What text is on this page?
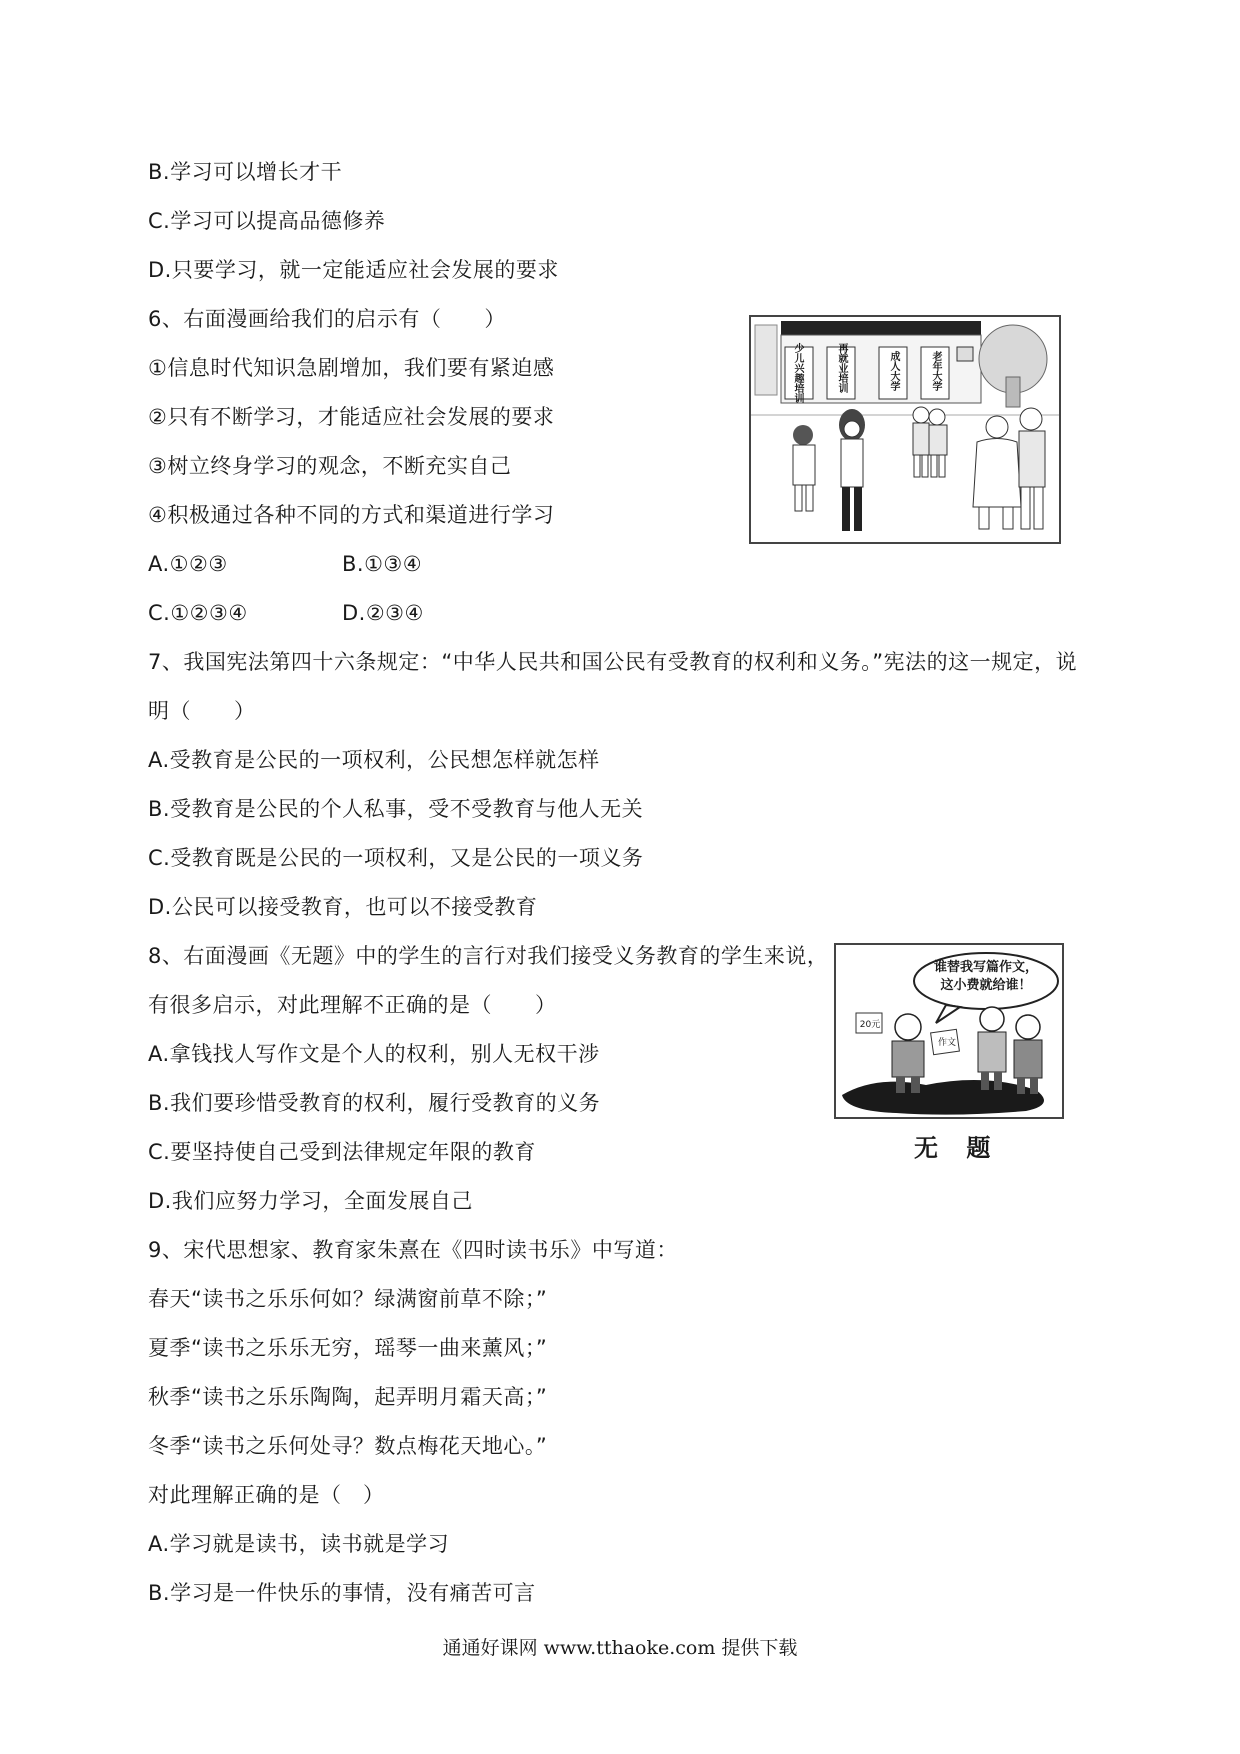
B.学习可以增长才干
C.学习可以提高品德修养
D.只要学习，就一定能适应社会发展的要求
6、右面漫画给我们的启示有（　　）
①信息时代知识急剧增加，我们要有紧迫感
②只有不断学习，才能适应社会发展的要求
③树立终身学习的观念，不断充实自己
④积极通过各种不同的方式和渠道进行学习
A.①②③	B.①③④
C.①②③④	D.②③④
7、我国宪法第四十六条规定：“中华人民共和国公民有受教育的权利和义务。”宪法的这一规定，说
明（　　）
A.受教育是公民的一项权利，公民想怎样就怎样
B.受教育是公民的个人私事，受不受教育与他人无关
C.受教育既是公民的一项权利，又是公民的一项义务
D.公民可以接受教育，也可以不接受教育
8、右面漫画《无题》中的学生的言行对我们接受义务教育的学生来说，
有很多启示，对此理解不正确的是（　　）
A.拿钱找人写作文是个人的权利，别人无权干涉
B.我们要珍惜受教育的权利，履行受教育的义务
C.要坚持使自己受到法律规定年限的教育
D.我们应努力学习，全面发展自己
9、宋代思想家、教育家朱熹在《四时读书乐》中写道：
春天“读书之乐乐何如？绿满窗前草不除；”
夏季“读书之乐乐无穷，瑶琴一曲来薰风；”
秋季“读书之乐乐陶陶，起弄明月霜天高；”
冬季“读书之乐何处寻？数点梅花天地心。”
对此理解正确的是（　）
A.学习就是读书，读书就是学习
B.学习是一件快乐的事情，没有痛苦可言
少儿兴趣培训	再就业培训	成人大学	老年大学
谁替我写篇作文，
这小费就给谁！
20元
作文
无 题
通通好课网 www.tthaoke.com 提供下载
